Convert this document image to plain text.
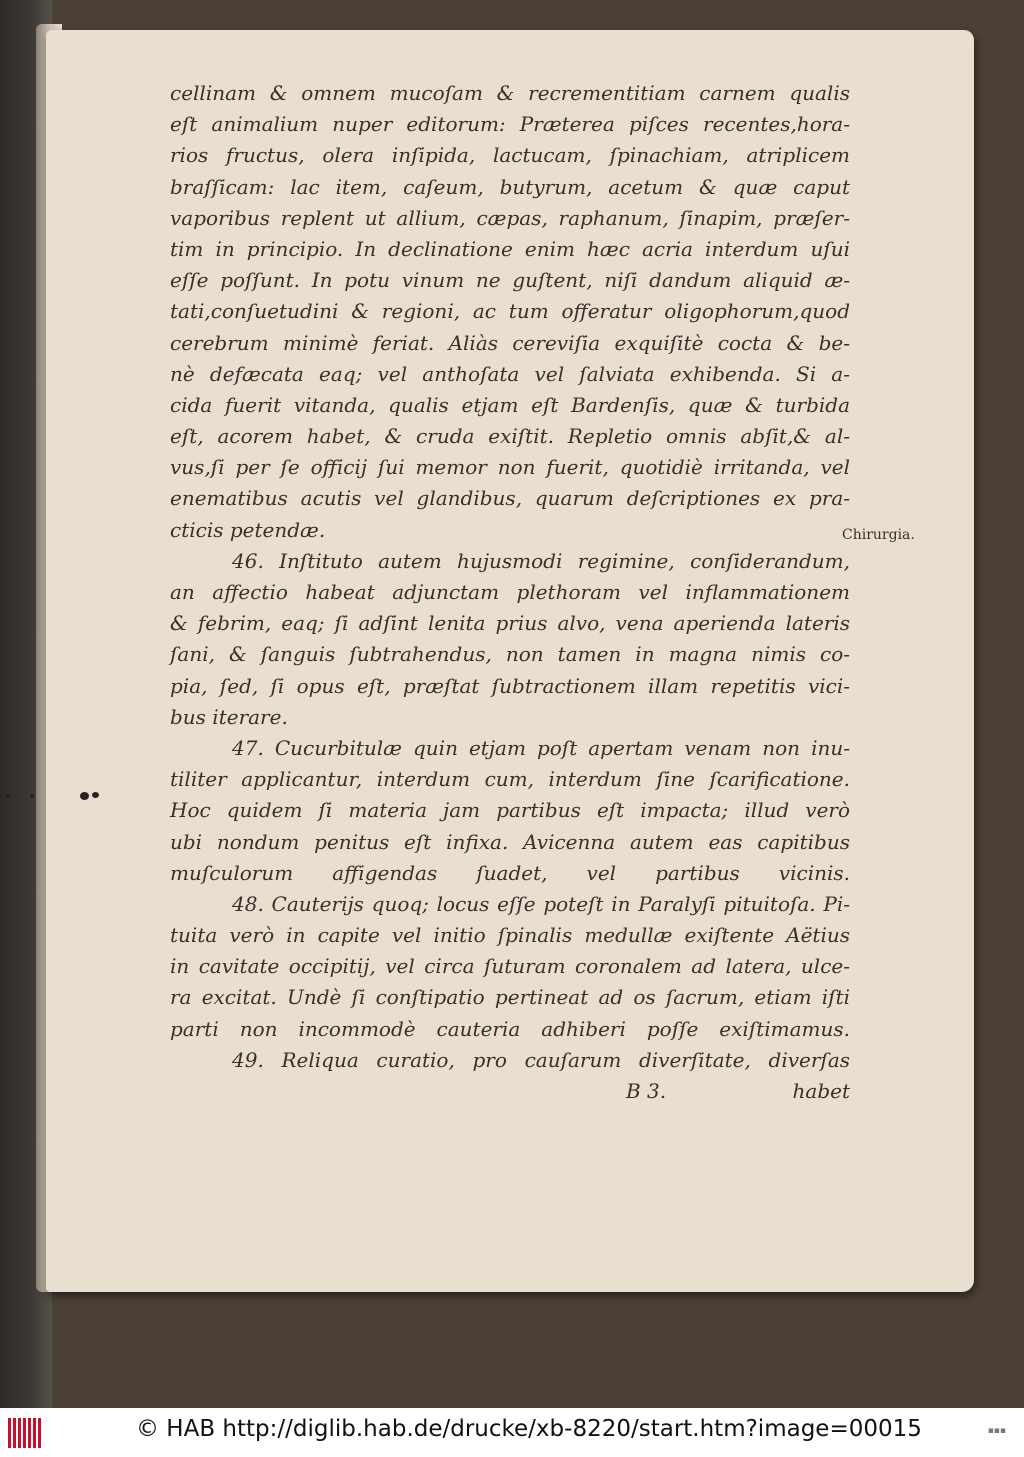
cellinam & omnem mucoſam & recrementitiam carnem qualis
eſt animalium nuper editorum: Præterea piſces recentes,hora-
rios fructus, olera inſipida, lactucam, ſpinachiam, atriplicem
braſſicam: lac item, caſeum, butyrum, acetum & quæ caput
vaporibus replent ut allium, cæpas, raphanum, ſinapim, præſer-
tim in principio. In declinatione enim hæc acria interdum uſui
eſſe poſſunt. In potu vinum ne guſtent, niſi dandum aliquid æ-
tati,conſuetudini & regioni, ac tum offeratur oligophorum,quod
cerebrum minimè feriat. Aliàs cereviſia exquiſitè cocta & be-
nè defæcata eaq; vel anthoſata vel ſalviata exhibenda. Si a-
cida fuerit vitanda, qualis etjam eſt Bardenſis, quæ & turbida
eſt, acorem habet, & cruda exiſtit. Repletio omnis abſit,& al-
vus,ſi per ſe officij ſui memor non fuerit, quotidiè irritanda, vel
enematibus acutis vel glandibus, quarum deſcriptiones ex pra-
cticis petendæ.
46. Inſtituto autem hujusmodi regimine, conſiderandum,
an affectio habeat adjunctam plethoram vel inflammationem
& febrim, eaq; ſi adſint lenita prius alvo, vena aperienda lateris
ſani, & ſanguis ſubtrahendus, non tamen in magna nimis co-
pia, ſed, ſi opus eſt, præſtat ſubtractionem illam repetitis vici-
bus iterare.
47. Cucurbitulæ quin etjam poſt apertam venam non inu-
tiliter applicantur, interdum cum, interdum ſine ſcarificatione.
Hoc quidem ſi materia jam partibus eſt impacta; illud verò
ubi nondum penitus eſt infixa. Avicenna autem eas capitibus
muſculorum affigendas ſuadet, vel partibus vicinis.
48. Cauterijs quoq; locus eſſe poteſt in Paralyſi pituitoſa. Pi-
tuita verò in capite vel initio ſpinalis medullæ exiſtente Aëtius
in cavitate occipitij, vel circa ſuturam coronalem ad latera, ulce-
ra excitat. Undè ſi conſtipatio pertineat ad os ſacrum, etiam iſti
parti non incommodè cauteria adhiberi poſſe exiſtimamus.
49. Reliqua curatio, pro cauſarum diverſitate, diverſas
B 3.	habet
Chirurgia.
© HAB http://diglib.hab.de/drucke/xb-8220/start.htm?image=00015	▪▪▪
